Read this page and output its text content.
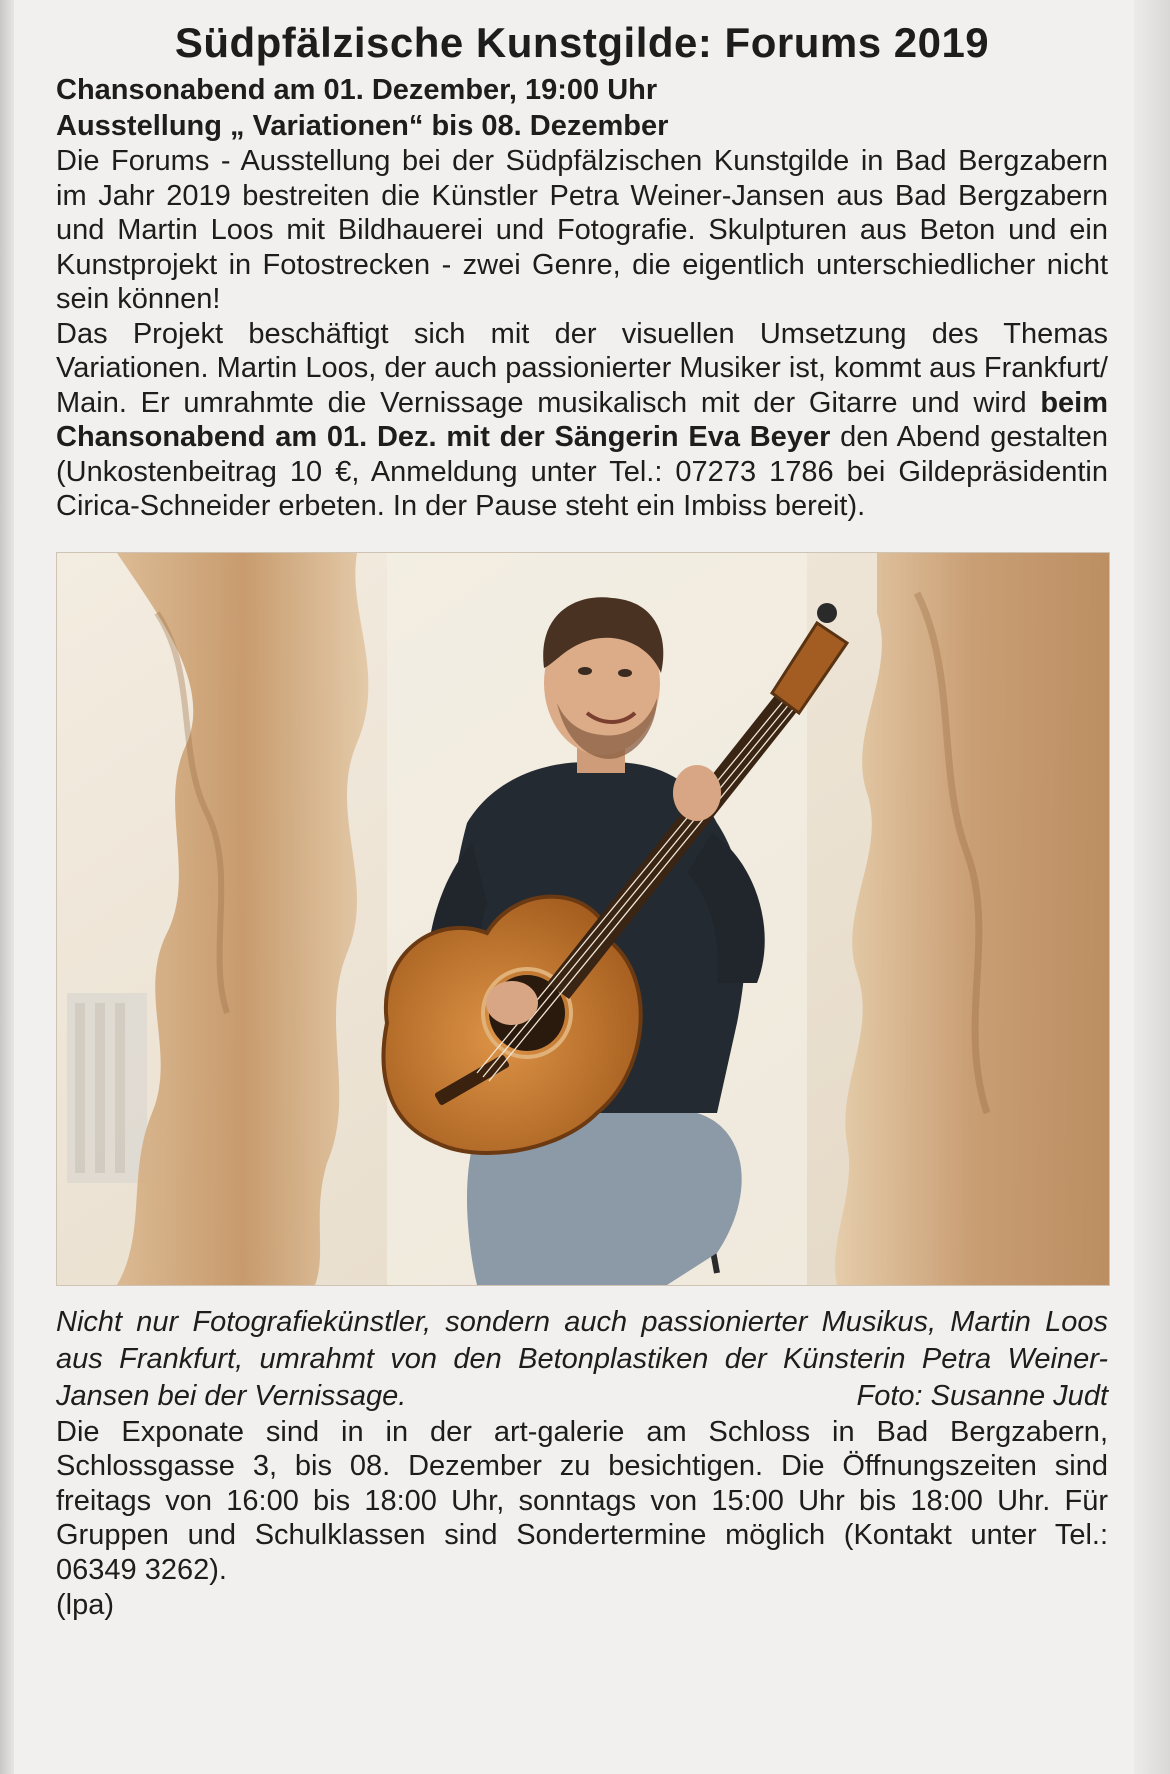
Südpfälzische Kunstgilde: Forums 2019

Chansonabend am 01. Dezember, 19:00 Uhr

Ausstellung „ Variationen“ bis 08. Dezember

Die Forums - Ausstellung bei der Südpfälzischen Kunstgilde in Bad Bergzabern im Jahr 2019 bestreiten die Künstler Petra Weiner-Jansen aus Bad Bergzabern und Martin Loos mit Bildhauerei und Fotografie. Skulpturen aus Beton und ein Kunstprojekt in Fotostrecken - zwei Genre, die eigentlich unterschiedlicher nicht sein können!

Das Projekt beschäftigt sich mit der visuellen Umsetzung des Themas Variationen. Martin Loos, der auch passionierter Musiker ist, kommt aus Frankfurt/ Main. Er umrahmte die Vernissage musikalisch mit der Gitarre und wird beim Chansonabend am 01. Dez. mit der Sängerin Eva Beyer den Abend gestalten (Unkostenbeitrag 10 €, Anmeldung unter Tel.: 07273 1786 bei Gildepräsidentin Cirica-Schneider erbeten. In der Pause steht ein Imbiss bereit).

Nicht nur Fotografiekünstler, sondern auch passionierter Musikus, Martin Loos aus Frankfurt, umrahmt von den Betonplastiken der Künsterin Petra Weiner-Jansen bei der Vernissage.	Foto: Susanne Judt

Die Exponate sind in in der art-galerie am Schloss in Bad Bergzabern, Schlossgasse 3, bis 08. Dezember zu besichtigen. Die Öffnungszeiten sind freitags von 16:00 bis 18:00 Uhr, sonntags von 15:00 Uhr bis 18:00 Uhr. Für Gruppen und Schulklassen sind Sondertermine möglich (Kontakt unter Tel.: 06349 3262).

(lpa)
